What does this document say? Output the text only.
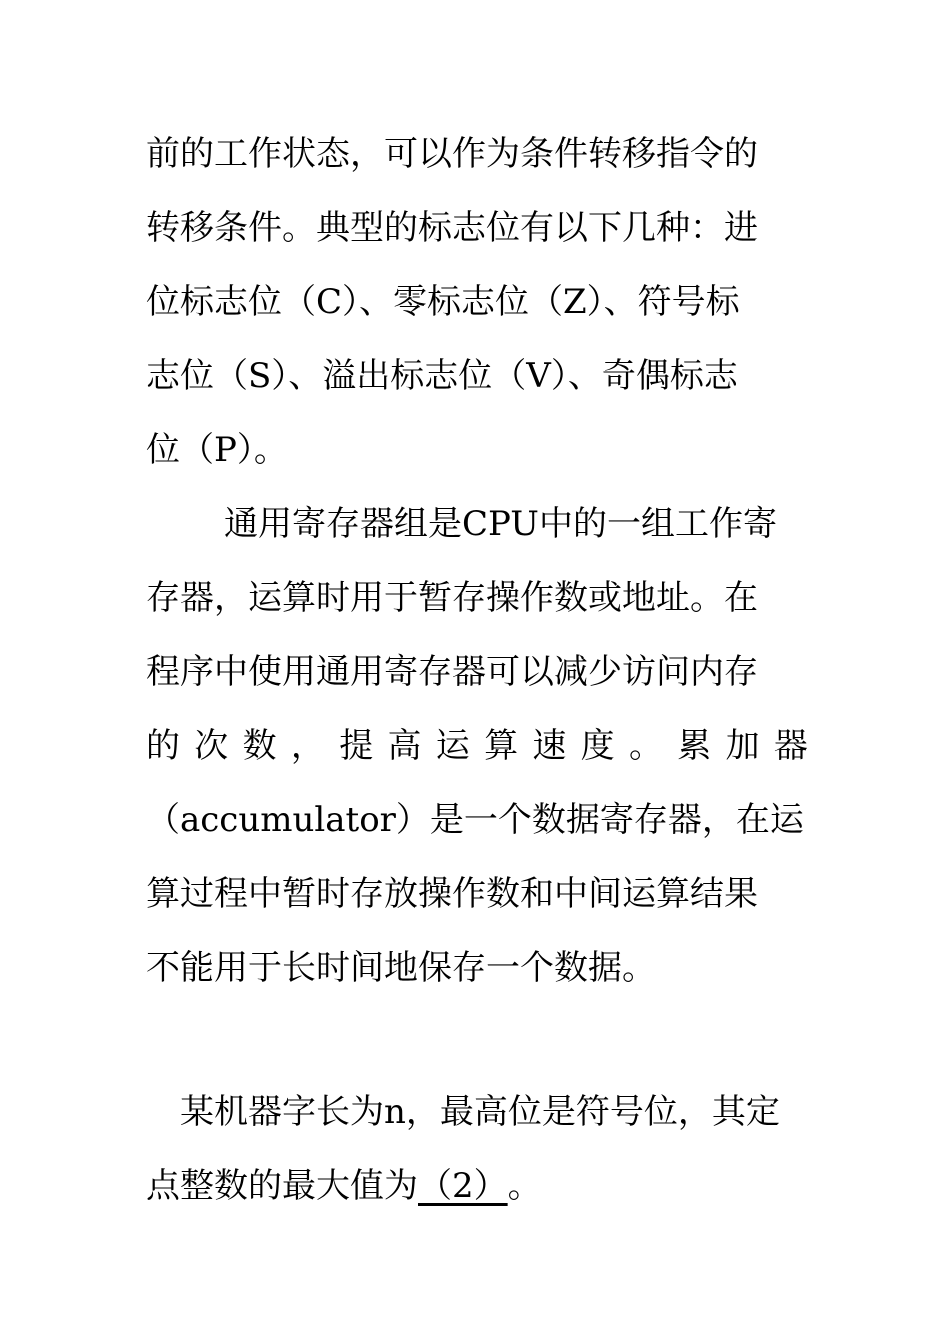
前的工作状态，可以作为条件转移指令的
转移条件。典型的标志位有以下几种：进
位标志位（C）、零标志位（Z）、符号标
志位（S）、溢出标志位（V）、奇偶标志
位（P）。
通用寄存器组是CPU中的一组工作寄
存器，运算时用于暂存操作数或地址。在
程序中使用通用寄存器可以减少访问内存
的 次 数 ， 提 高 运 算 速 度 。 累 加 器
（accumulator）是一个数据寄存器，在运
算过程中暂时存放操作数和中间运算结果
不能用于长时间地保存一个数据。
某机器字长为n，最高位是符号位，其定
点整数的最大值为（2）。
